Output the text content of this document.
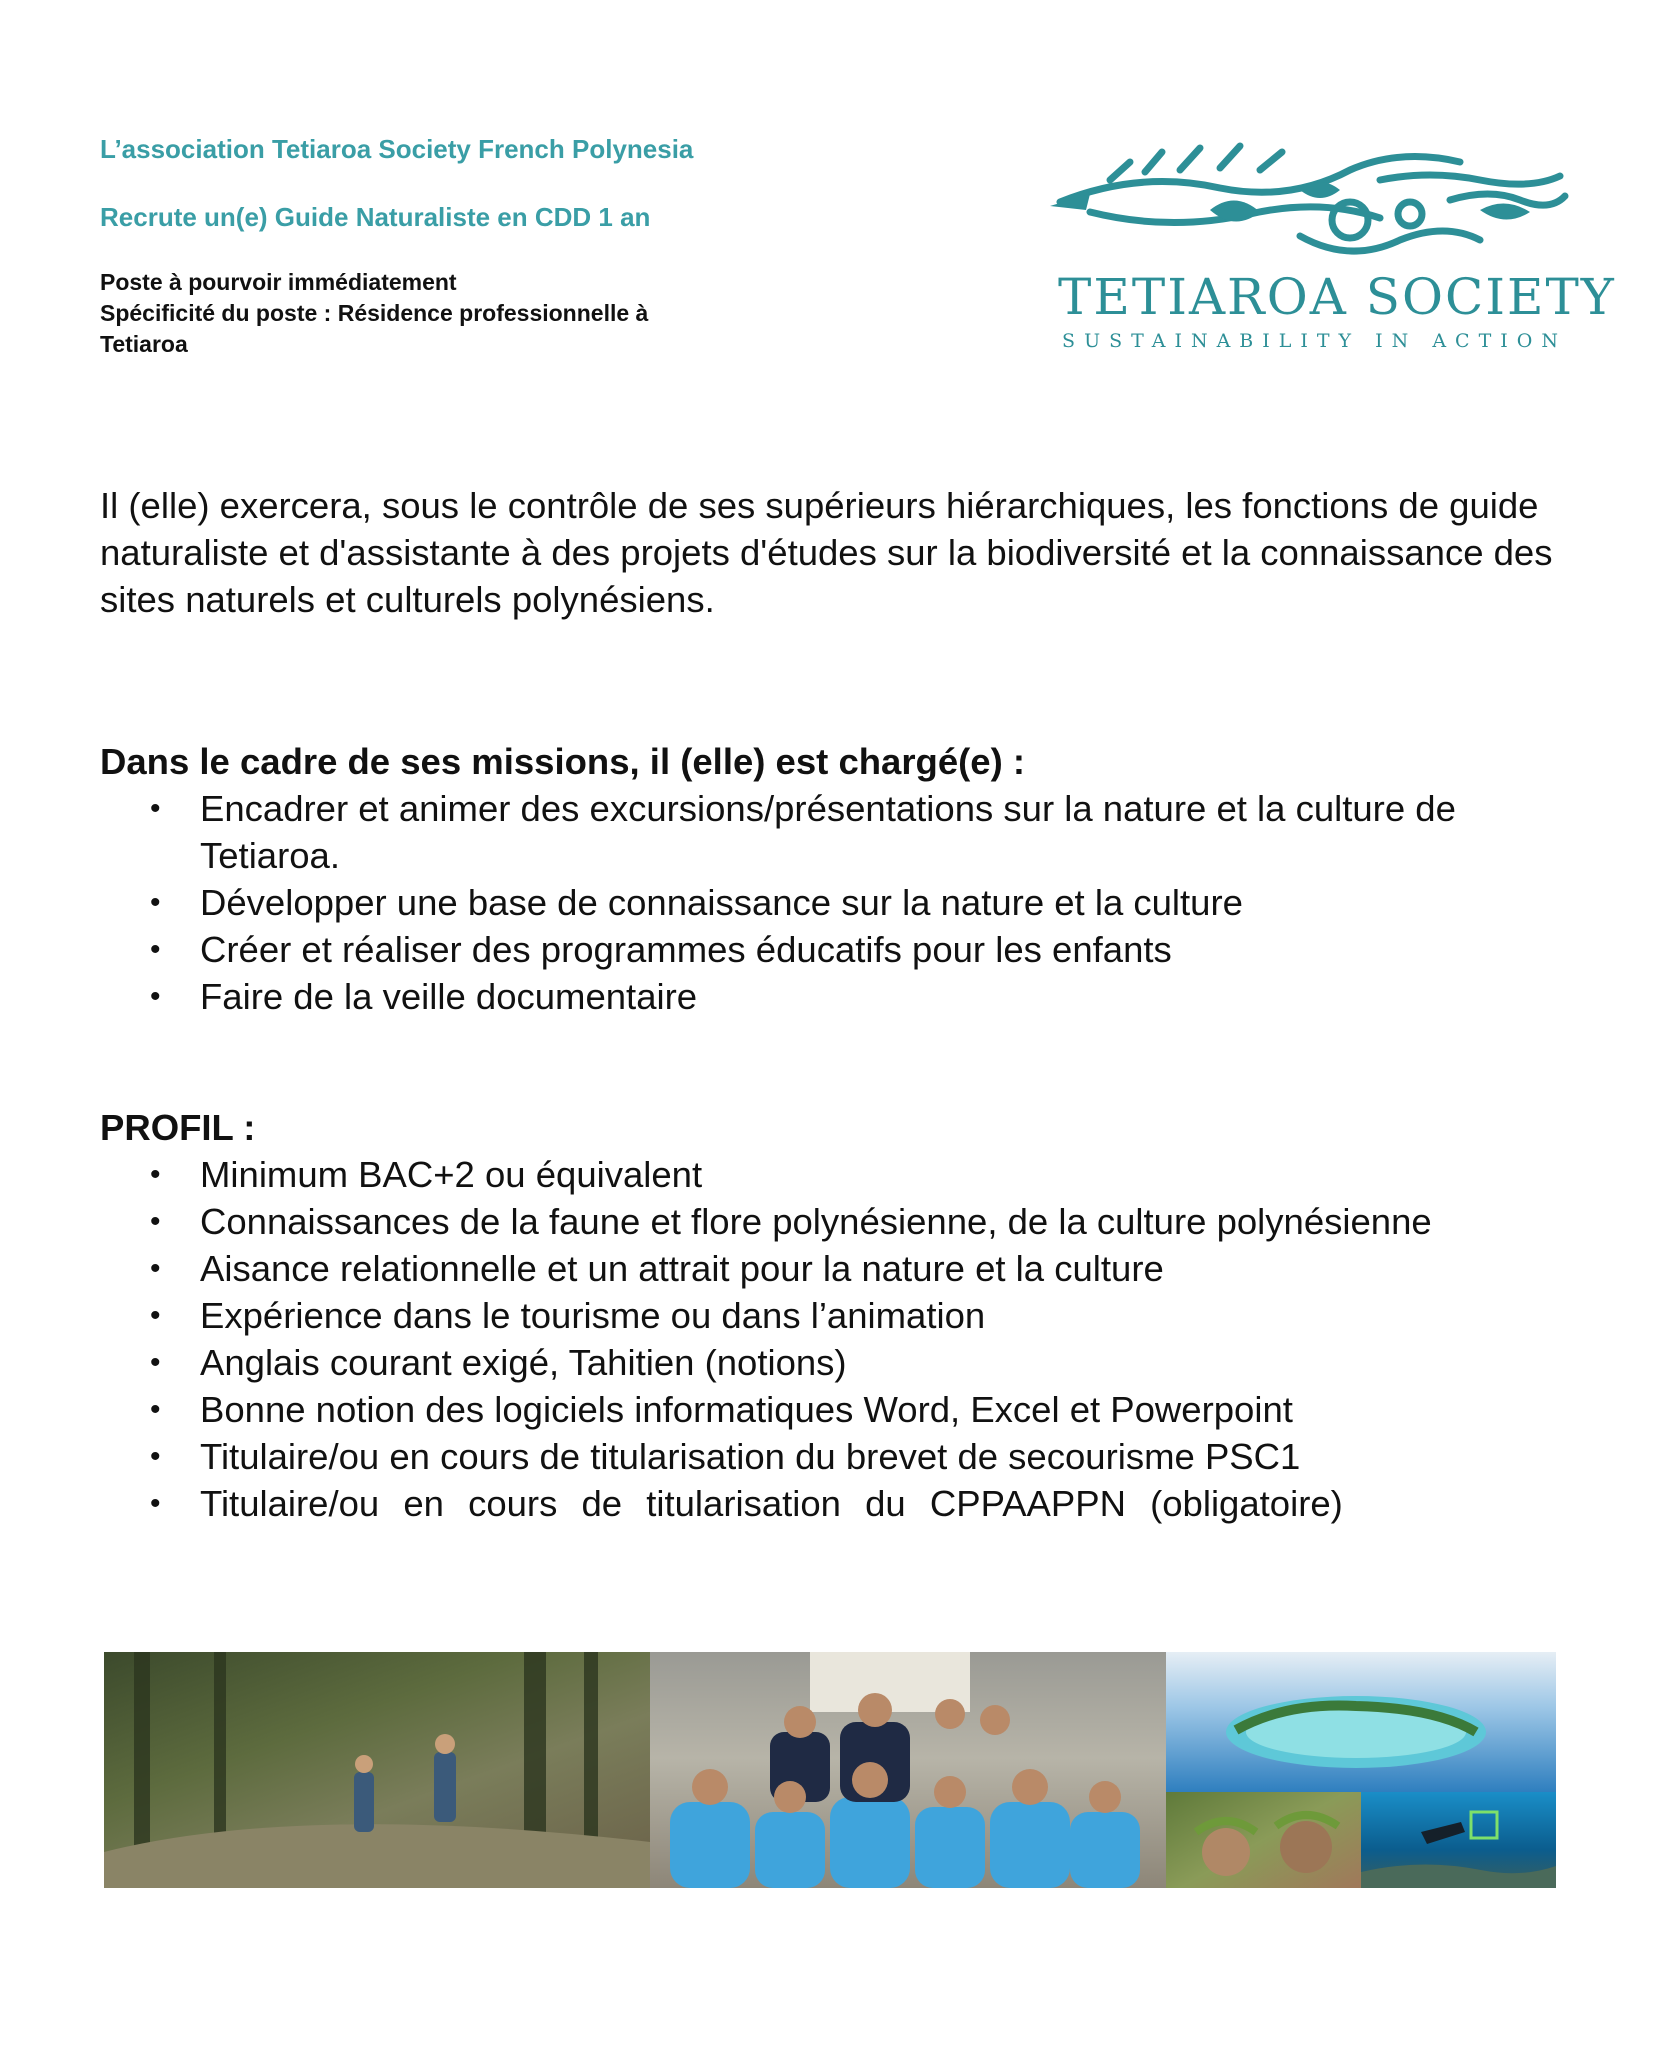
L’association Tetiaroa Society French Polynesia

Recrute un(e) Guide Naturaliste en CDD 1 an

Poste à pourvoir immédiatement
Spécificité du poste : Résidence professionnelle à
Tetiaroa
TETIAROA SOCIETY
SUSTAINABILITY IN ACTION

Il (elle) exercera, sous le contrôle de ses supérieurs hiérarchiques, les fonctions de guide naturaliste et d'assistante à des projets d'études sur la biodiversité et la connaissance des sites naturels et culturels polynésiens.

Dans le cadre de ses missions, il (elle) est chargé(e) :
• Encadrer et animer des excursions/présentations sur la nature et la culture de Tetiaroa.
• Développer une base de connaissance sur la nature et la culture
• Créer et réaliser des programmes éducatifs pour les enfants
• Faire de la veille documentaire
PROFIL :
• Minimum BAC+2 ou équivalent
• Connaissances de la faune et flore polynésienne, de la culture polynésienne
• Aisance relationnelle et un attrait pour la nature et la culture
• Expérience dans le tourisme ou dans l’animation
• Anglais courant exigé, Tahitien (notions)
• Bonne notion des logiciels informatiques Word, Excel et Powerpoint
• Titulaire/ou en cours de titularisation du brevet de secourisme PSC1
• Titulaire/ou en cours de titularisation du CPPAAPPN (obligatoire)
